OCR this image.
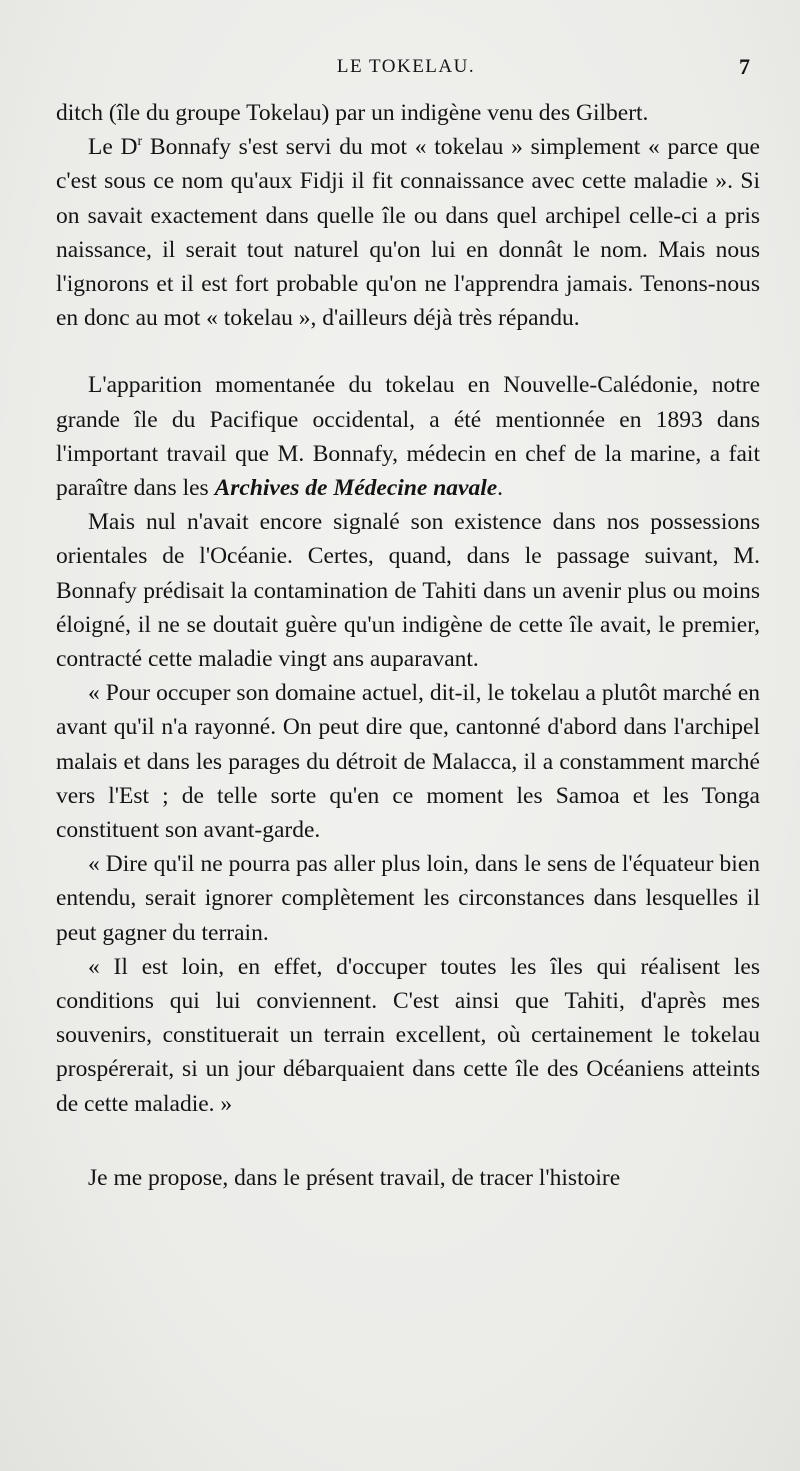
LE TOKELAU.	7

ditch (île du groupe Tokelau) par un indigène venu des Gilbert.

Le $D^r$ Bonnafy s'est servi du mot « tokelau » simplement « parce que c'est sous ce nom qu'aux Fidji il fit connaissance avec cette maladie ». Si on savait exactement dans quelle île ou dans quel archipel celle-ci a pris naissance, il serait tout naturel qu'on lui en donnât le nom. Mais nous l'ignorons et il est fort probable qu'on ne l'apprendra jamais. Tenons-nous en donc au mot « tokelau », d'ailleurs déjà très répandu.

L'apparition momentanée du tokelau en Nouvelle-Calédonie, notre grande île du Pacifique occidental, a été mentionnée en 1893 dans l'important travail que M. Bonnafy, médecin en chef de la marine, a fait paraître dans les Archives de Médecine navale.

Mais nul n'avait encore signalé son existence dans nos possessions orientales de l'Océanie. Certes, quand, dans le passage suivant, M. Bonnafy prédisait la contamination de Tahiti dans un avenir plus ou moins éloigné, il ne se doutait guère qu'un indigène de cette île avait, le premier, contracté cette maladie vingt ans auparavant.

« Pour occuper son domaine actuel, dit-il, le tokelau a plutôt marché en avant qu'il n'a rayonné. On peut dire que, cantonné d'abord dans l'archipel malais et dans les parages du détroit de Malacca, il a constamment marché vers l'Est ; de telle sorte qu'en ce moment les Samoa et les Tonga constituent son avant-garde.

« Dire qu'il ne pourra pas aller plus loin, dans le sens de l'équateur bien entendu, serait ignorer complètement les circonstances dans lesquelles il peut gagner du terrain.

« Il est loin, en effet, d'occuper toutes les îles qui réalisent les conditions qui lui conviennent. C'est ainsi que Tahiti, d'après mes souvenirs, constituerait un terrain excellent, où certainement le tokelau prospérerait, si un jour débarquaient dans cette île des Océaniens atteints de cette maladie. »

Je me propose, dans le présent travail, de tracer l'histoire
